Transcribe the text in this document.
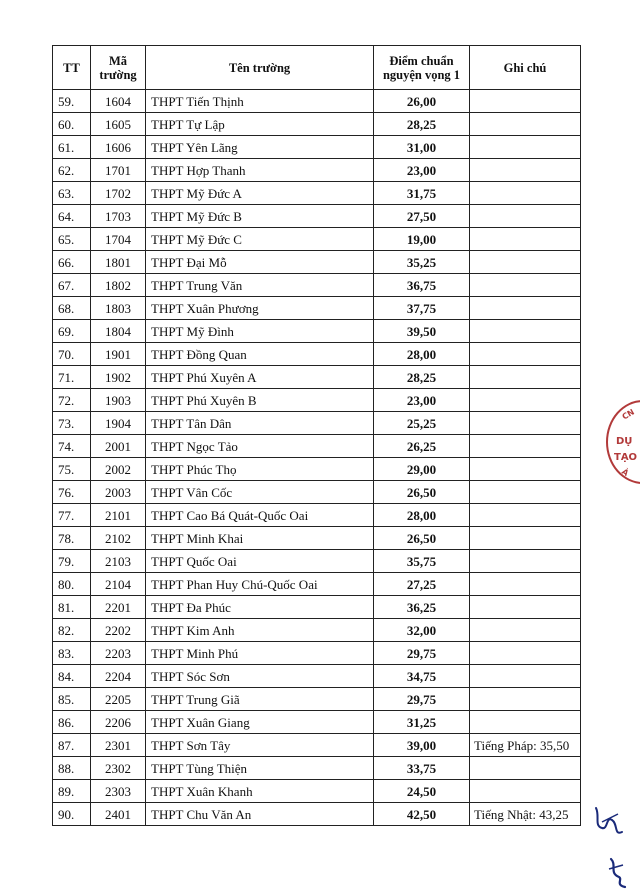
TT	Mã trường	Tên trường	Điểm chuẩn nguyện vọng 1	Ghi chú
59.	1604	THPT Tiến Thịnh	26,00	
60.	1605	THPT Tự Lập	28,25	
61.	1606	THPT Yên Lãng	31,00	
62.	1701	THPT Hợp Thanh	23,00	
63.	1702	THPT Mỹ Đức A	31,75	
64.	1703	THPT Mỹ Đức B	27,50	
65.	1704	THPT Mỹ Đức C	19,00	
66.	1801	THPT Đại Mỗ	35,25	
67.	1802	THPT Trung Văn	36,75	
68.	1803	THPT Xuân Phương	37,75	
69.	1804	THPT Mỹ Đình	39,50	
70.	1901	THPT Đồng Quan	28,00	
71.	1902	THPT Phú Xuyên A	28,25	
72.	1903	THPT Phú Xuyên B	23,00	
73.	1904	THPT Tân Dân	25,25	
74.	2001	THPT Ngọc Tảo	26,25	
75.	2002	THPT Phúc Thọ	29,00	
76.	2003	THPT Vân Cốc	26,50	
77.	2101	THPT Cao Bá Quát-Quốc Oai	28,00	
78.	2102	THPT Minh Khai	26,50	
79.	2103	THPT Quốc Oai	35,75	
80.	2104	THPT Phan Huy Chú-Quốc Oai	27,25	
81.	2201	THPT Đa Phúc	36,25	
82.	2202	THPT Kim Anh	32,00	
83.	2203	THPT Minh Phú	29,75	
84.	2204	THPT Sóc Sơn	34,75	
85.	2205	THPT Trung Giã	29,75	
86.	2206	THPT Xuân Giang	31,25	
87.	2301	THPT Sơn Tây	39,00	Tiếng Pháp: 35,50
88.	2302	THPT Tùng Thiện	33,75	
89.	2303	THPT Xuân Khanh	24,50	
90.	2401	THPT Chu Văn An	42,50	Tiếng Nhật: 43,25
CN
DỤ
TẠO
À
